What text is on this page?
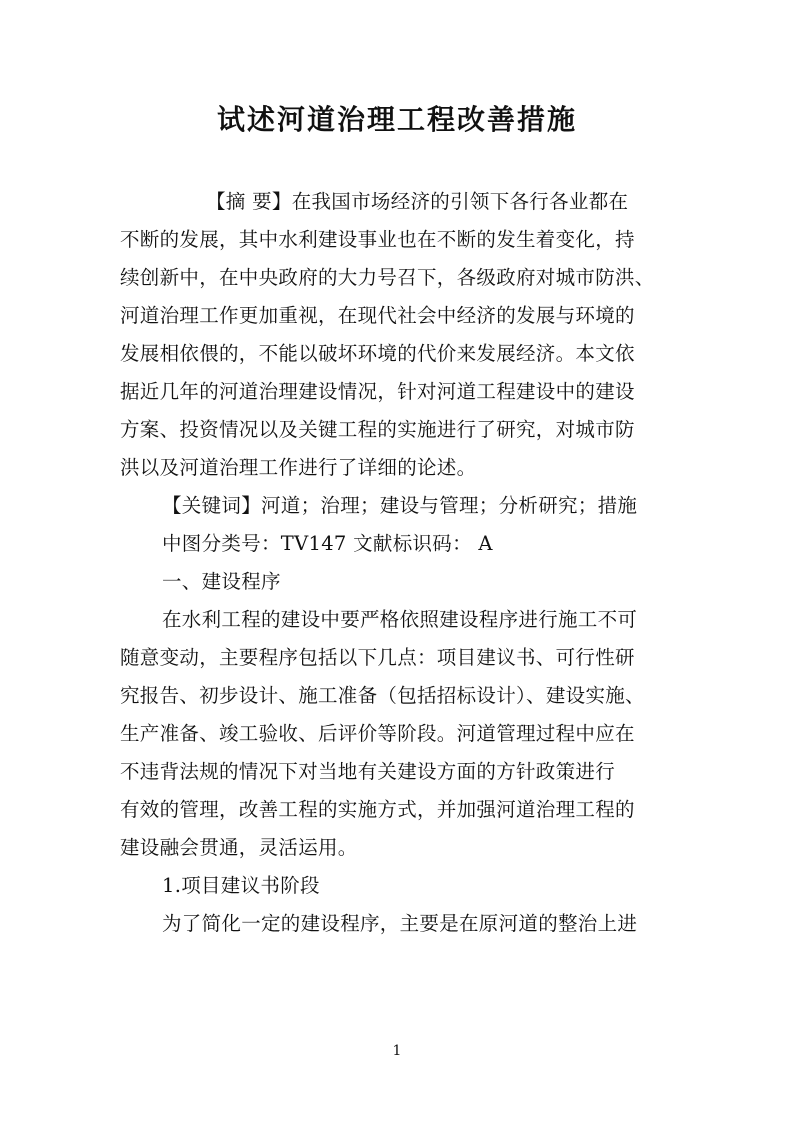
试述河道治理工程改善措施
【摘 要】在我国市场经济的引领下各行各业都在
不断的发展，其中水利建设事业也在不断的发生着变化，持
续创新中，在中央政府的大力号召下，各级政府对城市防洪、
河道治理工作更加重视，在现代社会中经济的发展与环境的
发展相依偎的，不能以破坏环境的代价来发展经济。本文依
据近几年的河道治理建设情况，针对河道工程建设中的建设
方案、投资情况以及关键工程的实施进行了研究，对城市防
洪以及河道治理工作进行了详细的论述。
【关键词】河道；治理；建设与管理；分析研究；措施
中图分类号：TV147 文献标识码： A
一、建设程序
在水利工程的建设中要严格依照建设程序进行施工不可
随意变动，主要程序包括以下几点：项目建议书、可行性研
究报告、初步设计、施工准备（包括招标设计）、建设实施、
生产准备、竣工验收、后评价等阶段。河道管理过程中应在
不违背法规的情况下对当地有关建设方面的方针政策进行
有效的管理，改善工程的实施方式，并加强河道治理工程的
建设融会贯通，灵活运用。
1.项目建议书阶段
为了简化一定的建设程序，主要是在原河道的整治上进
1
